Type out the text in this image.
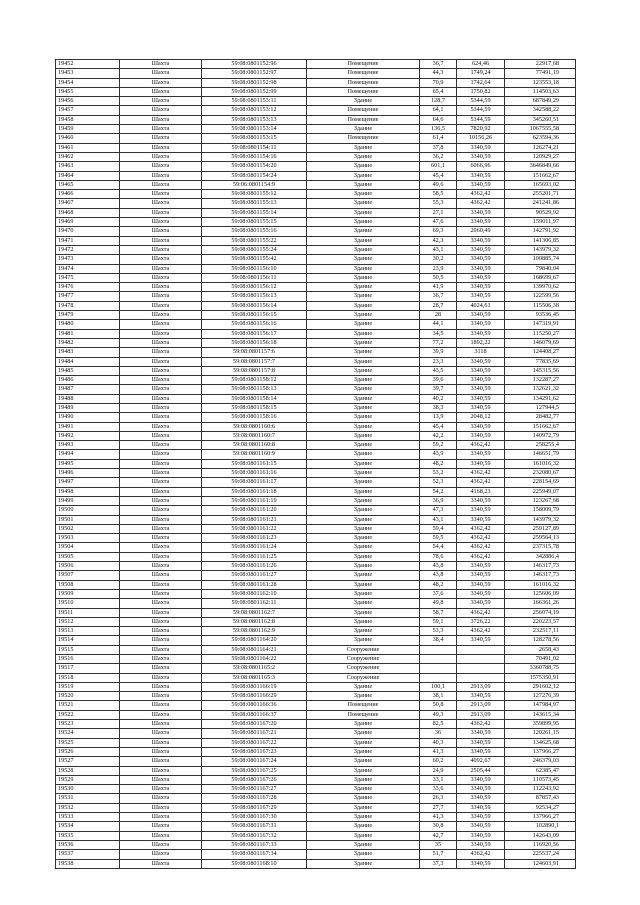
19452	Шахта	59:08:0801152:96	Помещение	36,7	624,46	22917,68
19453	Шахта	59:08:0801152:97	Помещение	44,3	1749,24	77491,19
19454	Шахта	59:08:0801152:98	Помещение	70,9	1742,64	123553,18
19455	Шахта	59:08:0801152:99	Помещение	65,4	1750,82	114503,63
19456	Шахта	59:08:0801153:11	Здание	128,7	5344,59	687849,29
19457	Шахта	59:08:0801153:12	Помещение	64,1	5344,59	342588,22
19458	Шахта	59:08:0801153:13	Помещение	64,6	5344,59	345260,51
19459	Шахта	59:08:0801153:14	Здание	136,5	7820,92	1067555,58
19460	Шахта	59:08:0801153:15	Помещение	61,4	10156,26	623594,36
19461	Шахта	59:08:0801154:11	Здание	37,8	3340,59	126274,21
19462	Шахта	59:08:0801154:16	Здание	36,2	3340,59	120929,27
19463	Шахта	59:08:0801154:20	Здание	601,1	6066,96	3646849,66
19464	Шахта	59:08:0801154:24	Здание	45,4	3340,59	151662,67
19465	Шахта	59:06:0801154:9	Здание	49,6	3340,59	165693,02
19466	Шахта	59:08:0801155:12	Здание	58,5	4362,42	255201,71
19467	Шахта	59:08:0801155:13	Здание	55,3	4362,42	241241,86
19468	Шахта	59:08:0801155:14	Здание	27,1	3340,59	90529,92
19469	Шахта	59:08:0801155:15	Здание	47,6	3340,59	159011,97
19470	Шахта	59:08:0801155:16	Здание	69,3	2060,49	142791,92
19471	Шахта	59:08:0801155:22	Здание	42,3	3340,59	141306,85
19472	Шахта	59:08:0801155:24	Здание	43,1	3340,59	143979,32
19473	Шахта	59:08:0801155:42	Здание	30,2	3340,59	100885,74
19474	Шахта	59:08:0801156:10	Здание	23,9	3340,59	79840,04
19475	Шахта	59:08:0801156:11	Здание	50,5	3340,59	168699,67
19476	Шахта	59:08:0801156:12	Здание	41,9	3340,59	139970,62
19477	Шахта	59:08:0801156:13	Здание	36,7	3340,59	122599,56
19478	Шахта	59:08:0801156:14	Здание	28,7	4024,61	115506,38
19479	Шахта	59:08:0801156:15	Здание	28	3340,59	93536,45
19480	Шахта	59:08:0801156:16	Здание	44,1	3340,59	147319,91
19481	Шахта	59:08:0801156:17	Здание	34,5	3340,59	115250,27
19482	Шахта	59:08:0801156:18	Здание	77,2	1892,22	146079,69
19483	Шахта	59:08:0801157:6	Здание	39,9	3118	124408,27
19484	Шахта	59:08:0801157:7	Здание	23,3	3340,59	77835,69
19485	Шахта	59:08:0801157:8	Здание	43,5	3340,59	145315,56
19486	Шахта	59:08:0801158:12	Здание	39,6	3340,59	132287,27
19487	Шахта	59:08:0801158:13	Здание	39,7	3340,59	132621,32
19488	Шахта	59:08:0801158:14	Здание	40,2	3340,59	134291,62
19489	Шахта	59:08:0801158:15	Здание	38,3	3340,59	127944,5
19490	Шахта	59:08:0801158:16	Здание	13,9	2048,12	28482,77
19491	Шахта	59:08:0801160:6	Здание	45,4	3340,59	151662,67
19492	Шахта	59:08:0801160:7	Здание	42,2	3340,59	140972,79
19493	Шахта	59:08:0801160:8	Здание	59,2	4362,42	258255,4
19494	Шахта	59:08:0801160:9	Здание	43,9	3340,59	146651,79
19495	Шахта	59:08:0801161:15	Здание	48,2	3340,59	161016,32
19496	Шахта	59:08:0801161:16	Здание	53,2	4362,42	232080,67
19497	Шахта	59:08:0801161:17	Здание	52,3	4362,42	228154,69
19498	Шахта	59:08:0801161:18	Здание	54,2	4168,23	225949,07
19499	Шахта	59:08:0801161:19	Здание	36,9	3340,59	123267,68
19500	Шахта	59:08:0801161:20	Здание	47,3	3340,59	158009,79
19501	Шахта	59:08:0801161:21	Здание	43,1	3340,59	143979,32
19502	Шахта	59:08:0801161:22	Здание	59,4	4362,42	259127,89
19503	Шахта	59:08:0801161:23	Здание	59,5	4362,42	259564,13
19504	Шахта	59:08:0801161:24	Здание	54,4	4362,42	237315,78
19505	Шахта	59:08:0801161:25	Здание	78,6	4362,42	342886,4
19506	Шахта	59:08:0801161:26	Здание	43,8	3340,59	146317,73
19507	Шахта	59:08:0801161:27	Здание	43,8	3340,59	146317,73
19508	Шахта	59:08:0801161:28	Здание	48,2	3340,59	161016,32
19509	Шахта	59:08:0801162:10	Здание	37,6	3340,59	125606,09
19510	Шахта	59:08:0801162:11	Здание	49,8	3340,59	166361,26
19511	Шахта	59:08:0801162:7	Здание	58,7	4362,42	256074,19
19512	Шахта	59:08:0801162:8	Здание	59,1	3726,22	220223,57
19513	Шахта	59:08:0801162:9	Здание	53,3	4362,42	232517,11
19514	Шахта	59:08:0801164:20	Здание	38,4	3340,59	128278,56
19515	Шахта	59:08:0801164:21	Сооружение			2658,43
19516	Шахта	59:08:0801164:22	Сооружение			70491,02
19517	Шахта	59:08:0801165:2	Сооружение			3360788,75
19518	Шахта	59:08:0801165:3	Сооружение			1575350,91
19519	Шахта	59:08:0801166:19	Здание	100,1	2913,09	291602,12
19520	Шахта	59:08:0801166:29	Здание	38,1	3340,59	127276,39
19521	Шахта	59:08:0801166:36	Помещение	50,8	2913,09	147984,97
19522	Шахта	59:08:0801166:37	Помещение	49,3	2913,09	143615,34
19523	Шахта	59:08:0801167:20	Здание	82,5	4362,42	359899,95
19524	Шахта	59:08:0801167:21	Здание	36	3340,59	120261,15
19525	Шахта	59:08:0801167:22	Здание	40,3	3340,59	134625,68
19526	Шахта	59:08:0801167:23	Здание	41,3	3340,59	137966,27
19527	Шахта	59:08:0801167:24	Здание	60,2	4092,67	246379,03
19528	Шахта	59:08:0801167:25	Здание	24,9	2505,44	62385,47
19529	Шахта	59:08:0801167:26	Здание	33,1	3340,59	110573,45
19530	Шахта	59:08:0801167:27	Здание	33,6	3340,59	112243,92
19531	Шахта	59:08:0801167:28	Здание	26,3	3340,59	87857,43
19532	Шахта	59:08:0801167:29	Здание	27,7	3340,59	92534,27
19533	Шахта	59:08:0801167:30	Здание	41,3	3340,59	137966,27
19534	Шахта	59:08:0801167:31	Здание	30,8	3340,59	102890,1
19535	Шахта	59:08:0801167:32	Здание	42,7	3340,59	142643,09
19536	Шахта	59:08:0801167:33	Здание	35	3340,59	116920,56
19537	Шахта	59:08:0801167:34	Здание	51,7	4362,42	225537,24
19538	Шахта	59:08:0801168:10	Здание	37,3	3340,59	124603,91
